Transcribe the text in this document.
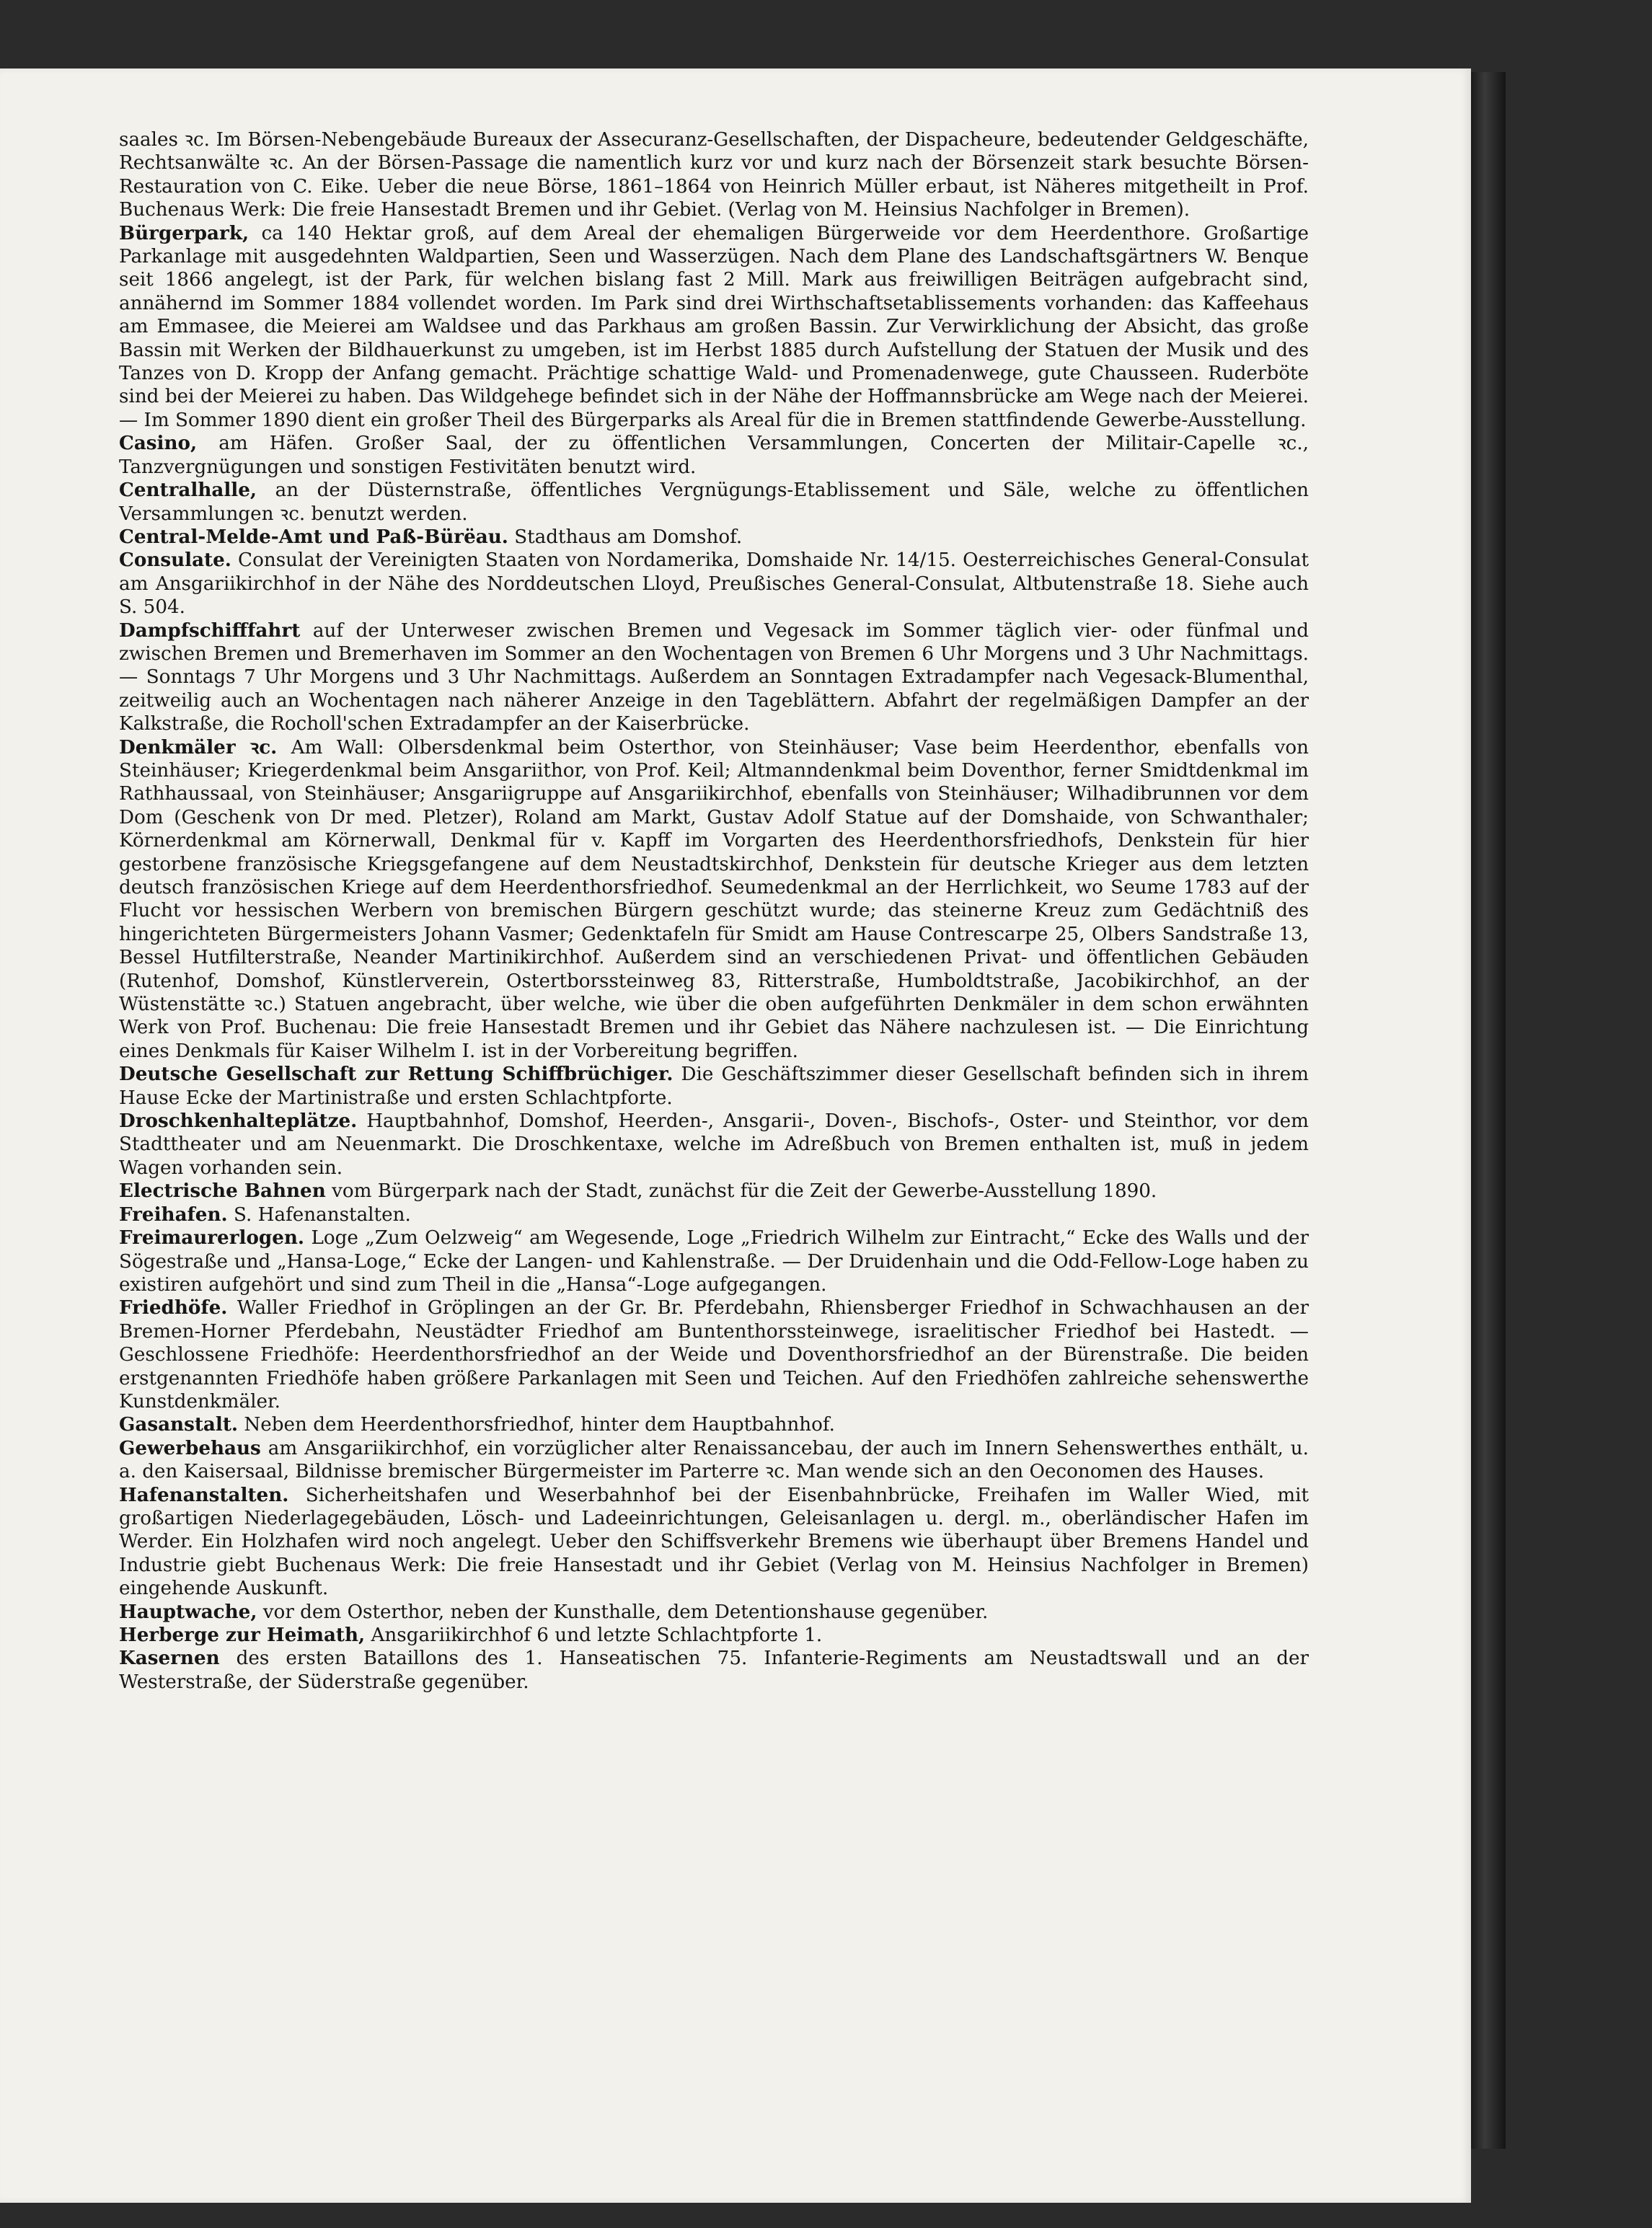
saales ꝛc. Im Börsen-Nebengebäude Bureaux der Assecuranz-Gesellschaften, der Dispacheure, bedeutender Geldgeschäfte, Rechtsanwälte ꝛc. An der Börsen-Passage die namentlich kurz vor und kurz nach der Börsenzeit stark besuchte Börsen-Restauration von C. Eike. Ueber die neue Börse, 1861–1864 von Heinrich Müller erbaut, ist Näheres mitgetheilt in Prof. Buchenaus Werk: Die freie Hansestadt Bremen und ihr Gebiet. (Verlag von M. Heinsius Nachfolger in Bremen).

Bürgerpark, ca 140 Hektar groß, auf dem Areal der ehemaligen Bürgerweide vor dem Heerdenthore. Großartige Parkanlage mit ausgedehnten Waldpartien, Seen und Wasserzügen. Nach dem Plane des Landschaftsgärtners W. Benque seit 1866 angelegt, ist der Park, für welchen bislang fast 2 Mill. Mark aus freiwilligen Beiträgen aufgebracht sind, annähernd im Sommer 1884 vollendet worden. Im Park sind drei Wirthschaftsetablissements vorhanden: das Kaffeehaus am Emmasee, die Meierei am Waldsee und das Parkhaus am großen Bassin. Zur Verwirklichung der Absicht, das große Bassin mit Werken der Bildhauerkunst zu umgeben, ist im Herbst 1885 durch Aufstellung der Statuen der Musik und des Tanzes von D. Kropp der Anfang gemacht. Prächtige schattige Wald- und Promenadenwege, gute Chausseen. Ruderböte sind bei der Meierei zu haben. Das Wildgehege befindet sich in der Nähe der Hoffmannsbrücke am Wege nach der Meierei. — Im Sommer 1890 dient ein großer Theil des Bürgerparks als Areal für die in Bremen stattfindende Gewerbe-Ausstellung.

Casino, am Häfen. Großer Saal, der zu öffentlichen Versammlungen, Concerten der Militair-Capelle ꝛc., Tanzvergnügungen und sonstigen Festivitäten benutzt wird.

Centralhalle, an der Düsternstraße, öffentliches Vergnügungs-Etablissement und Säle, welche zu öffentlichen Versammlungen ꝛc. benutzt werden.

Central-Melde-Amt und Paß-Bürëau. Stadthaus am Domshof.

Consulate. Consulat der Vereinigten Staaten von Nordamerika, Domshaide Nr. 14/15. Oesterreichisches General-Consulat am Ansgariikirchhof in der Nähe des Norddeutschen Lloyd, Preußisches General-Consulat, Altbutenstraße 18. Siehe auch S. 504.

Dampfschifffahrt auf der Unterweser zwischen Bremen und Vegesack im Sommer täglich vier- oder fünfmal und zwischen Bremen und Bremerhaven im Sommer an den Wochentagen von Bremen 6 Uhr Morgens und 3 Uhr Nachmittags. — Sonntags 7 Uhr Morgens und 3 Uhr Nachmittags. Außerdem an Sonntagen Extradampfer nach Vegesack-Blumenthal, zeitweilig auch an Wochentagen nach näherer Anzeige in den Tageblättern. Abfahrt der regelmäßigen Dampfer an der Kalkstraße, die Rocholl'schen Extradampfer an der Kaiserbrücke.

Denkmäler ꝛc. Am Wall: Olbersdenkmal beim Osterthor, von Steinhäuser; Vase beim Heerdenthor, ebenfalls von Steinhäuser; Kriegerdenkmal beim Ansgariithor, von Prof. Keil; Altmanndenkmal beim Doventhor, ferner Smidtdenkmal im Rathhaussaal, von Steinhäuser; Ansgariigruppe auf Ansgariikirchhof, ebenfalls von Steinhäuser; Wilhadibrunnen vor dem Dom (Geschenk von Dr med. Pletzer), Roland am Markt, Gustav Adolf Statue auf der Domshaide, von Schwanthaler; Körnerdenkmal am Körnerwall, Denkmal für v. Kapff im Vorgarten des Heerdenthorsfriedhofs, Denkstein für hier gestorbene französische Kriegsgefangene auf dem Neustadtskirchhof, Denkstein für deutsche Krieger aus dem letzten deutsch französischen Kriege auf dem Heerdenthorsfriedhof. Seumedenkmal an der Herrlichkeit, wo Seume 1783 auf der Flucht vor hessischen Werbern von bremischen Bürgern geschützt wurde; das steinerne Kreuz zum Gedächtniß des hingerichteten Bürgermeisters Johann Vasmer; Gedenktafeln für Smidt am Hause Contrescarpe 25, Olbers Sandstraße 13, Bessel Hutfilterstraße, Neander Martinikirchhof. Außerdem sind an verschiedenen Privat- und öffentlichen Gebäuden (Rutenhof, Domshof, Künstlerverein, Ostertborssteinweg 83, Ritterstraße, Humboldtstraße, Jacobikirchhof, an der Wüstenstätte ꝛc.) Statuen angebracht, über welche, wie über die oben aufgeführten Denkmäler in dem schon erwähnten Werk von Prof. Buchenau: Die freie Hansestadt Bremen und ihr Gebiet das Nähere nachzulesen ist. — Die Einrichtung eines Denkmals für Kaiser Wilhelm I. ist in der Vorbereitung begriffen.

Deutsche Gesellschaft zur Rettung Schiffbrüchiger. Die Geschäftszimmer dieser Gesellschaft befinden sich in ihrem Hause Ecke der Martinistraße und ersten Schlachtpforte.

Droschkenhalteplätze. Hauptbahnhof, Domshof, Heerden-, Ansgarii-, Doven-, Bischofs-, Oster- und Steinthor, vor dem Stadttheater und am Neuenmarkt. Die Droschkentaxe, welche im Adreßbuch von Bremen enthalten ist, muß in jedem Wagen vorhanden sein.

Electrische Bahnen vom Bürgerpark nach der Stadt, zunächst für die Zeit der Gewerbe-Ausstellung 1890.

Freihafen. S. Hafenanstalten.

Freimaurerlogen. Loge „Zum Oelzweig“ am Wegesende, Loge „Friedrich Wilhelm zur Eintracht,“ Ecke des Walls und der Sögestraße und „Hansa-Loge,“ Ecke der Langen- und Kahlenstraße. — Der Druidenhain und die Odd-Fellow-Loge haben zu existiren aufgehört und sind zum Theil in die „Hansa“-Loge aufgegangen.

Friedhöfe. Waller Friedhof in Gröplingen an der Gr. Br. Pferdebahn, Rhiensberger Friedhof in Schwachhausen an der Bremen-Horner Pferdebahn, Neustädter Friedhof am Buntenthorssteinwege, israelitischer Friedhof bei Hastedt. — Geschlossene Friedhöfe: Heerdenthorsfriedhof an der Weide und Doventhorsfriedhof an der Bürenstraße. Die beiden erstgenannten Friedhöfe haben größere Parkanlagen mit Seen und Teichen. Auf den Friedhöfen zahlreiche sehenswerthe Kunstdenkmäler.

Gasanstalt. Neben dem Heerdenthorsfriedhof, hinter dem Hauptbahnhof.

Gewerbehaus am Ansgariikirchhof, ein vorzüglicher alter Renaissancebau, der auch im Innern Sehenswerthes enthält, u. a. den Kaisersaal, Bildnisse bremischer Bürgermeister im Parterre ꝛc. Man wende sich an den Oeconomen des Hauses.

Hafenanstalten. Sicherheitshafen und Weserbahnhof bei der Eisenbahnbrücke, Freihafen im Waller Wied, mit großartigen Niederlagegebäuden, Lösch- und Ladeeinrichtungen, Geleisanlagen u. dergl. m., oberländischer Hafen im Werder. Ein Holzhafen wird noch angelegt. Ueber den Schiffsverkehr Bremens wie überhaupt über Bremens Handel und Industrie giebt Buchenaus Werk: Die freie Hansestadt und ihr Gebiet (Verlag von M. Heinsius Nachfolger in Bremen) eingehende Auskunft.

Hauptwache, vor dem Osterthor, neben der Kunsthalle, dem Detentionshause gegenüber.

Herberge zur Heimath, Ansgariikirchhof 6 und letzte Schlachtpforte 1.

Kasernen des ersten Bataillons des 1. Hanseatischen 75. Infanterie-Regiments am Neustadtswall und an der Westerstraße, der Süderstraße gegenüber.
